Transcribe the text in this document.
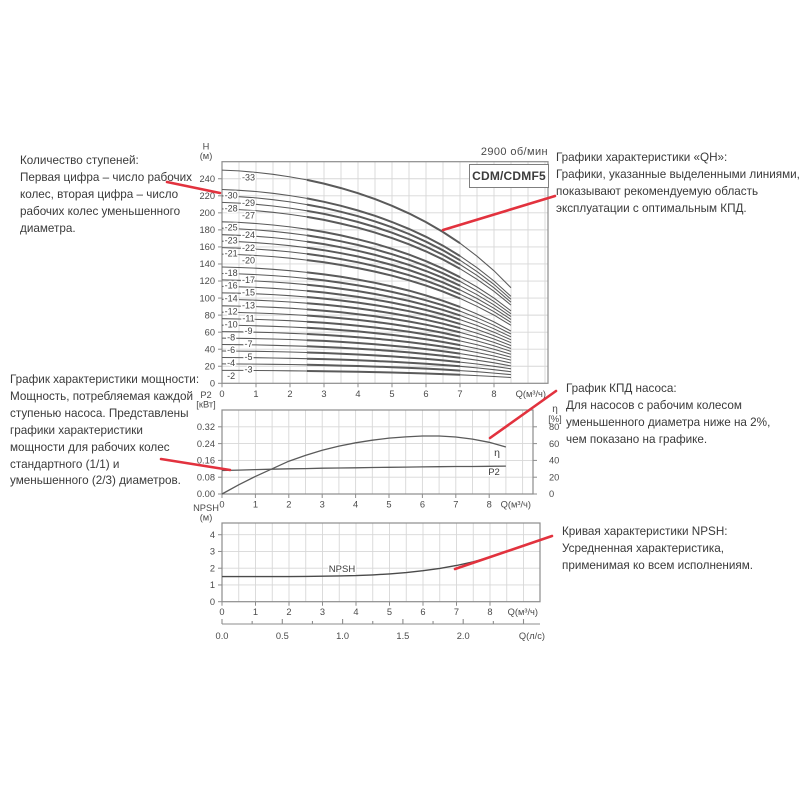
0	1	2	3	4	5	6	7	8 Q(м³/ч)
0
20
40
60
80
100
120
140
160
180
200
220
240
H
(м)
-2
-4
-6
-8
-10
-12
-14
-16
-18
-21
-23
-25
-28
-30
-3
-5
-7
-9
-11
-13
-15
-17
-20
-22
-24
-27
-29
-33
0	1	2	3	4	5	6	7	8 Q(м³/ч)
0.00
0.08
0.16
0.24
0.32
P2
[кВт]
0
20
40
60
80
η
[%]
η
P2
0	1	2	3	4	5	6	7	8 Q(м³/ч)
0
1
2
3
4
NPSH
(м)
NPSH
0.0	0.5	1.0	1.5	2.0	Q(л/с)
2900 об/мин
CDM/CDMF5
Количество ступеней:
Первая цифра – число рабочих
колес, вторая цифра – число
рабочих колес уменьшенного
диаметра.
Графики характеристики «QH»:
Графики, указанные выделенными линиями,
показывают рекомендуемую область
эксплуатации с оптимальным КПД.
График характеристики мощности:
Мощность, потребляемая каждой
ступенью насоса. Представлены
графики характеристики
мощности для рабочих колес
стандартного (1/1) и
уменьшенного (2/3) диаметров.
График КПД насоса:
Для насосов с рабочим колесом
уменьшенного диаметра ниже на 2%,
чем показано на графике.
Кривая характеристики NPSH:
Усредненная характеристика,
применимая ко всем исполнениям.
